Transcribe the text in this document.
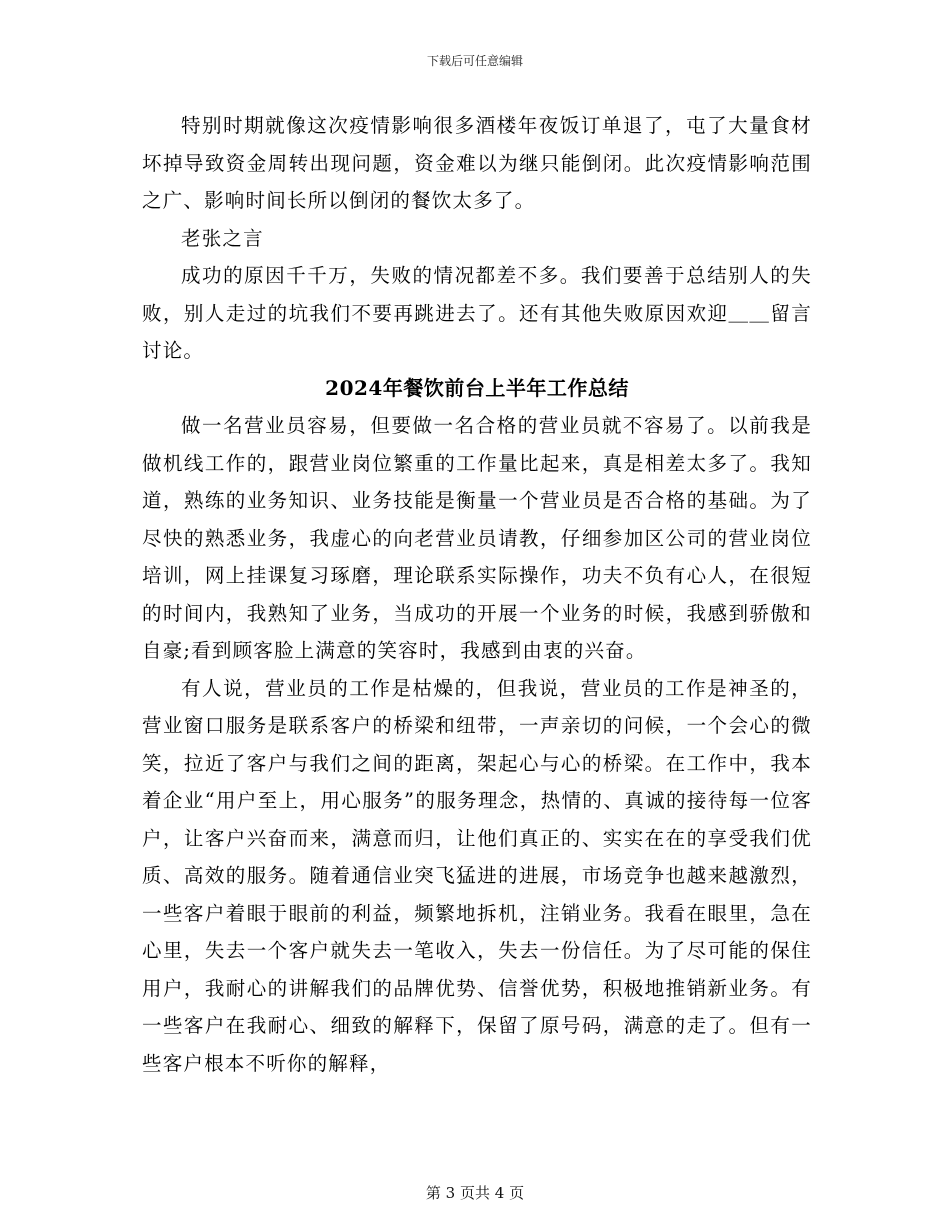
下载后可任意编辑

特别时期就像这次疫情影响很多酒楼年夜饭订单退了，屯了大量食材坏掉导致资金周转出现问题，资金难以为继只能倒闭。此次疫情影响范围之广、影响时间长所以倒闭的餐饮太多了。

老张之言

成功的原因千千万，失败的情况都差不多。我们要善于总结别人的失败，别人走过的坑我们不要再跳进去了。还有其他失败原因欢迎＿＿留言讨论。

2024年餐饮前台上半年工作总结

做一名营业员容易，但要做一名合格的营业员就不容易了。以前我是做机线工作的，跟营业岗位繁重的工作量比起来，真是相差太多了。我知道，熟练的业务知识、业务技能是衡量一个营业员是否合格的基础。为了尽快的熟悉业务，我虚心的向老营业员请教，仔细参加区公司的营业岗位培训，网上挂课复习琢磨，理论联系实际操作，功夫不负有心人，在很短的时间内，我熟知了业务，当成功的开展一个业务的时候，我感到骄傲和自豪;看到顾客脸上满意的笑容时，我感到由衷的兴奋。

有人说，营业员的工作是枯燥的，但我说，营业员的工作是神圣的，营业窗口服务是联系客户的桥梁和纽带，一声亲切的问候，一个会心的微笑，拉近了客户与我们之间的距离，架起心与心的桥梁。在工作中，我本着企业“用户至上，用心服务”的服务理念，热情的、真诚的接待每一位客户，让客户兴奋而来，满意而归，让他们真正的、实实在在的享受我们优质、高效的服务。随着通信业突飞猛进的进展，市场竞争也越来越激烈，一些客户着眼于眼前的利益，频繁地拆机，注销业务。我看在眼里，急在心里，失去一个客户就失去一笔收入，失去一份信任。为了尽可能的保住用户，我耐心的讲解我们的品牌优势、信誉优势，积极地推销新业务。有一些客户在我耐心、细致的解释下，保留了原号码，满意的走了。但有一些客户根本不听你的解释，

第 3 页共 4 页
